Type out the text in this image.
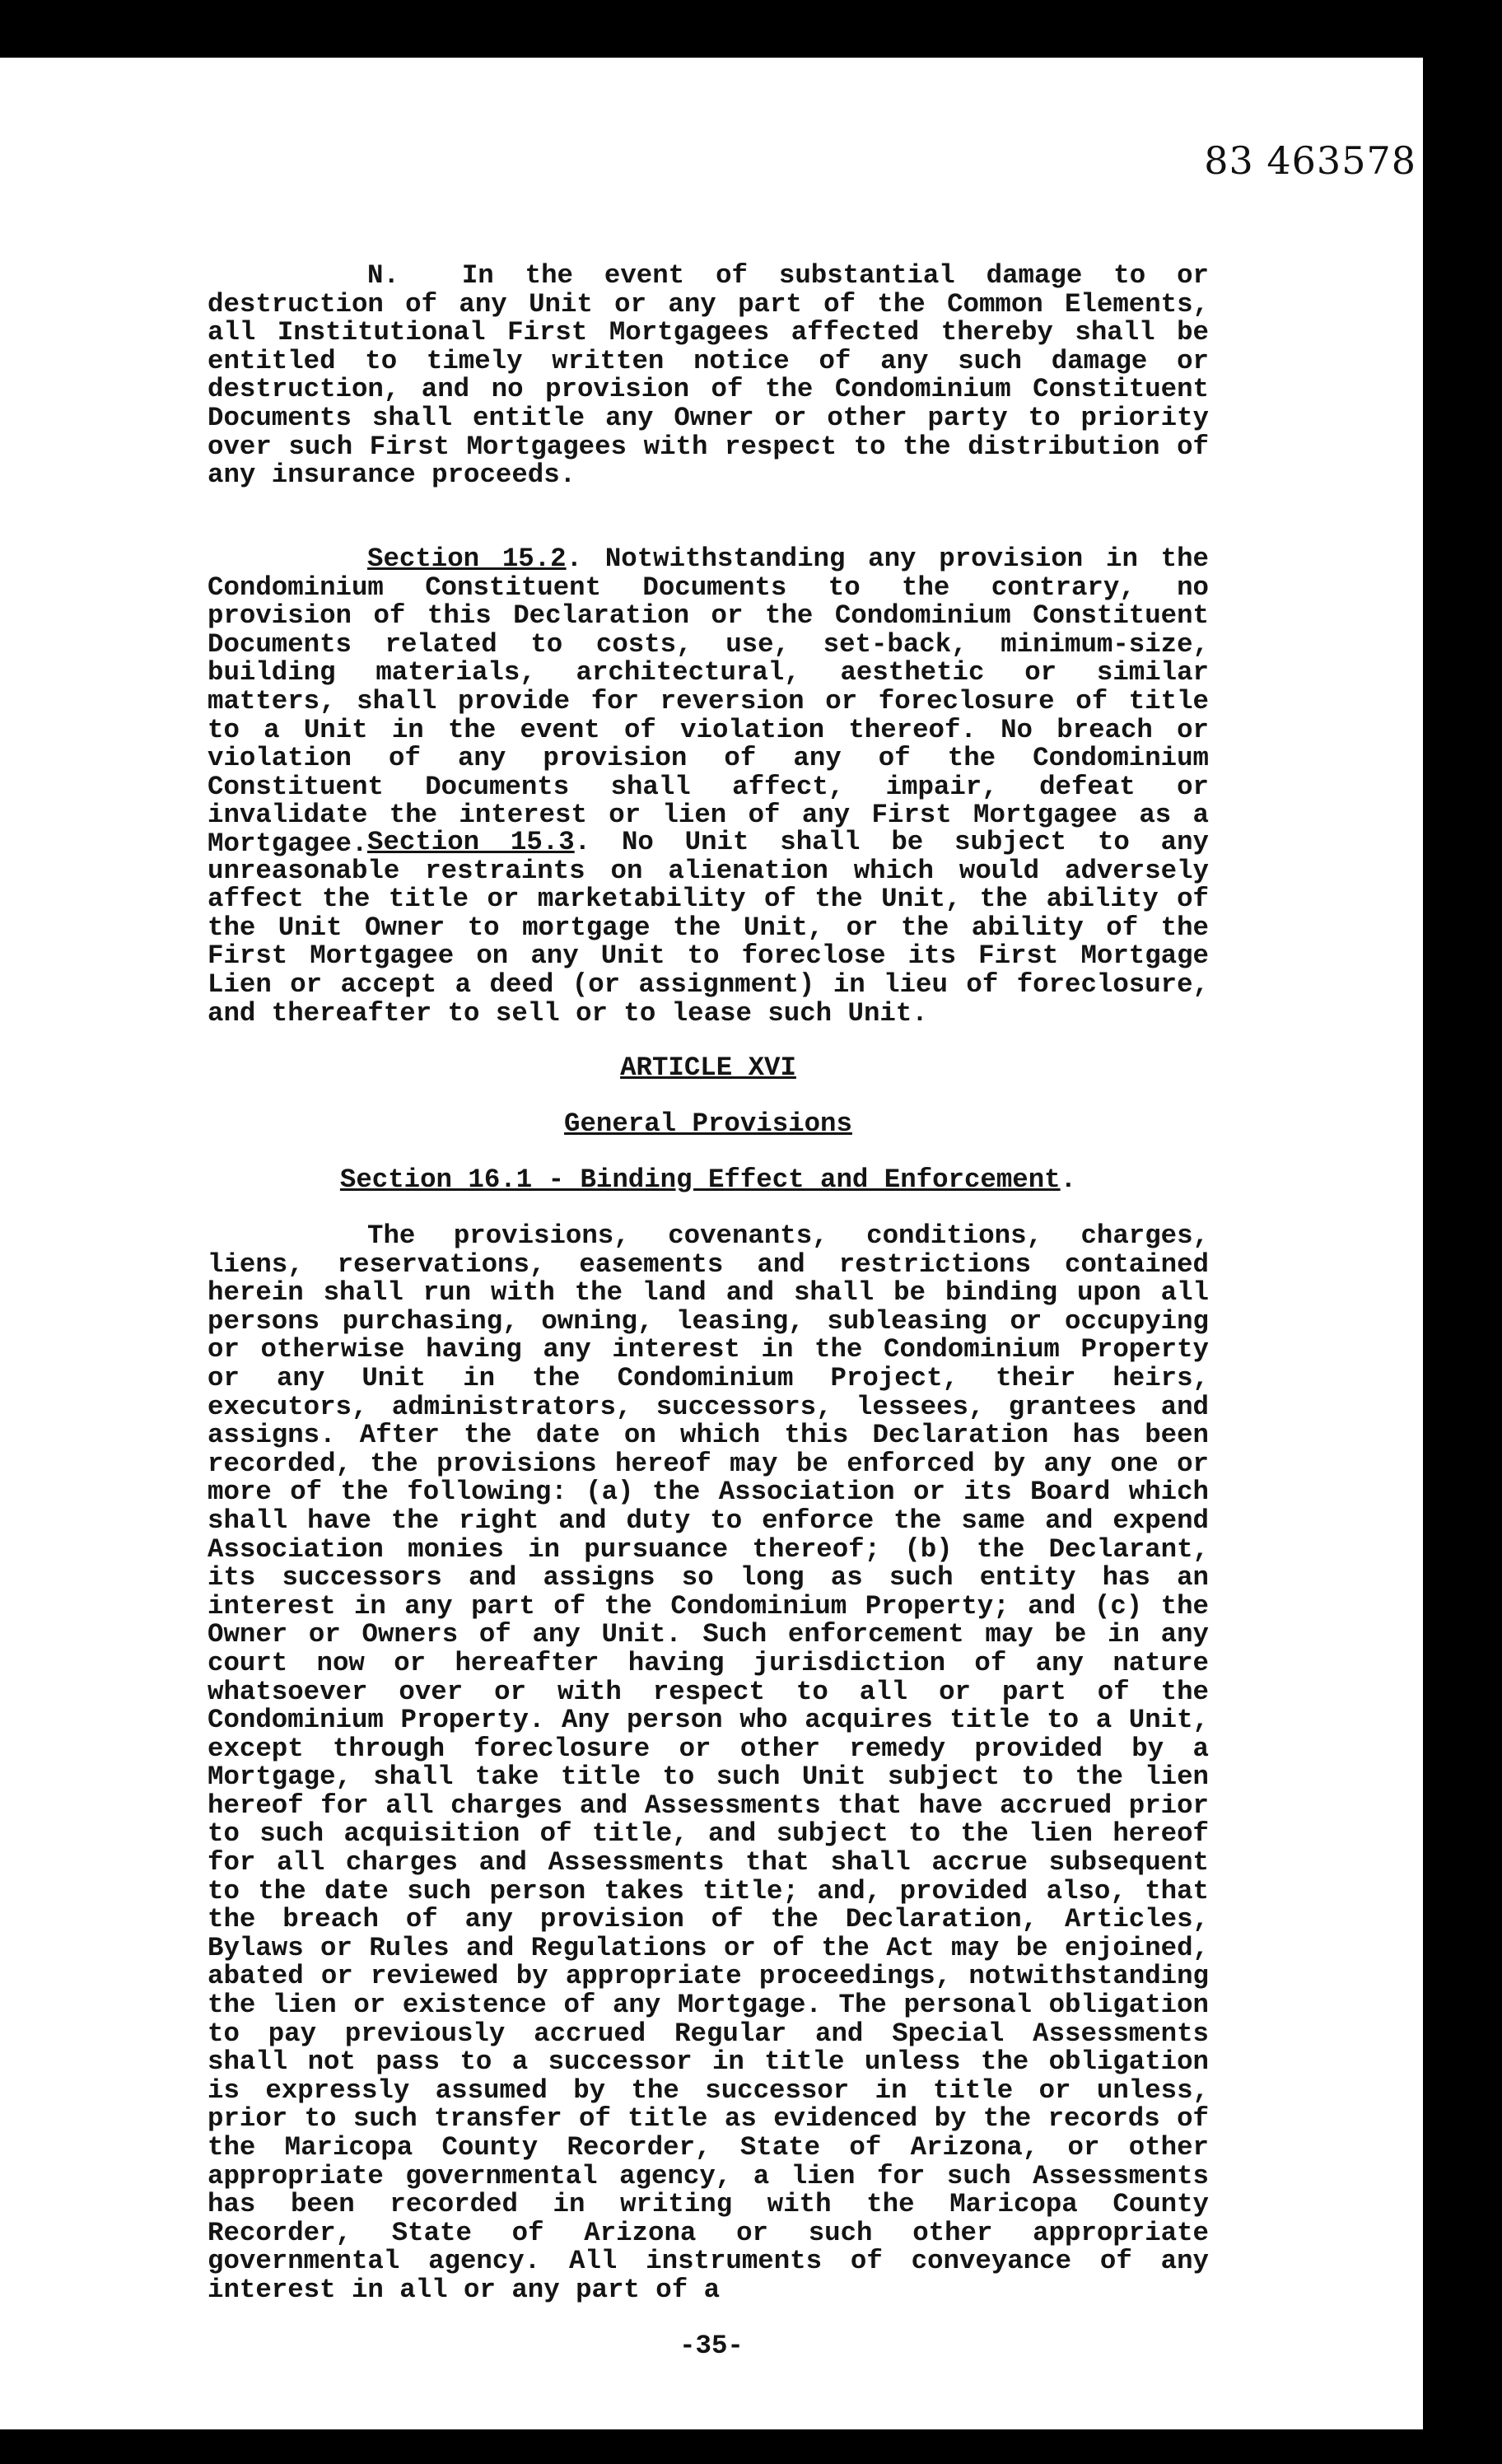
83 463578

N. In the event of substantial damage to or destruction of any Unit or any part of the Common Elements, all Institutional First Mortgagees affected thereby shall be entitled to timely written notice of any such damage or destruction, and no provision of the Condominium Constituent Documents shall entitle any Owner or other party to priority over such First Mortgagees with respect to the distribution of any insurance proceeds.

Section 15.2. Notwithstanding any provision in the Condominium Constituent Documents to the contrary, no provision of this Declaration or the Condominium Constituent Documents related to costs, use, set-back, minimum-size, building materials, architectural, aesthetic or similar matters, shall provide for reversion or foreclosure of title to a Unit in the event of violation thereof. No breach or violation of any provision of any of the Condominium Constituent Documents shall affect, impair, defeat or invalidate the interest or lien of any First Mortgagee as a Mortgagee. Section 15.3. No Unit shall be subject to any unreasonable restraints on alienation which would adversely affect the title or marketability of the Unit, the ability of the Unit Owner to mortgage the Unit, or the ability of the First Mortgagee on any Unit to foreclose its First Mortgage Lien or accept a deed (or assignment) in lieu of foreclosure, and thereafter to sell or to lease such Unit.

ARTICLE XVI

General Provisions

Section 16.1 - Binding Effect and Enforcement.

The provisions, covenants, conditions, charges, liens, reservations, easements and restrictions contained herein shall run with the land and shall be binding upon all persons purchasing, owning, leasing, subleasing or occupying or otherwise having any interest in the Condominium Property or any Unit in the Condominium Project, their heirs, executors, administrators, successors, lessees, grantees and assigns. After the date on which this Declaration has been recorded, the provisions hereof may be enforced by any one or more of the following: (a) the Association or its Board which shall have the right and duty to enforce the same and expend Association monies in pursuance thereof; (b) the Declarant, its successors and assigns so long as such entity has an interest in any part of the Condominium Property; and (c) the Owner or Owners of any Unit. Such enforcement may be in any court now or hereafter having jurisdiction of any nature whatsoever over or with respect to all or part of the Condominium Property. Any person who acquires title to a Unit, except through foreclosure or other remedy provided by a Mortgage, shall take title to such Unit subject to the lien hereof for all charges and Assessments that have accrued prior to such acquisition of title, and subject to the lien hereof for all charges and Assessments that shall accrue subsequent to the date such person takes title; and, provided also, that the breach of any provision of the Declaration, Articles, Bylaws or Rules and Regulations or of the Act may be enjoined, abated or reviewed by appropriate proceedings, notwithstanding the lien or existence of any Mortgage. The personal obligation to pay previously accrued Regular and Special Assessments shall not pass to a successor in title unless the obligation is expressly assumed by the successor in title or unless, prior to such transfer of title as evidenced by the records of the Maricopa County Recorder, State of Arizona, or other appropriate governmental agency, a lien for such Assessments has been recorded in writing with the Maricopa County Recorder, State of Arizona or such other appropriate governmental agency. All instruments of conveyance of any interest in all or any part of a

-35-
